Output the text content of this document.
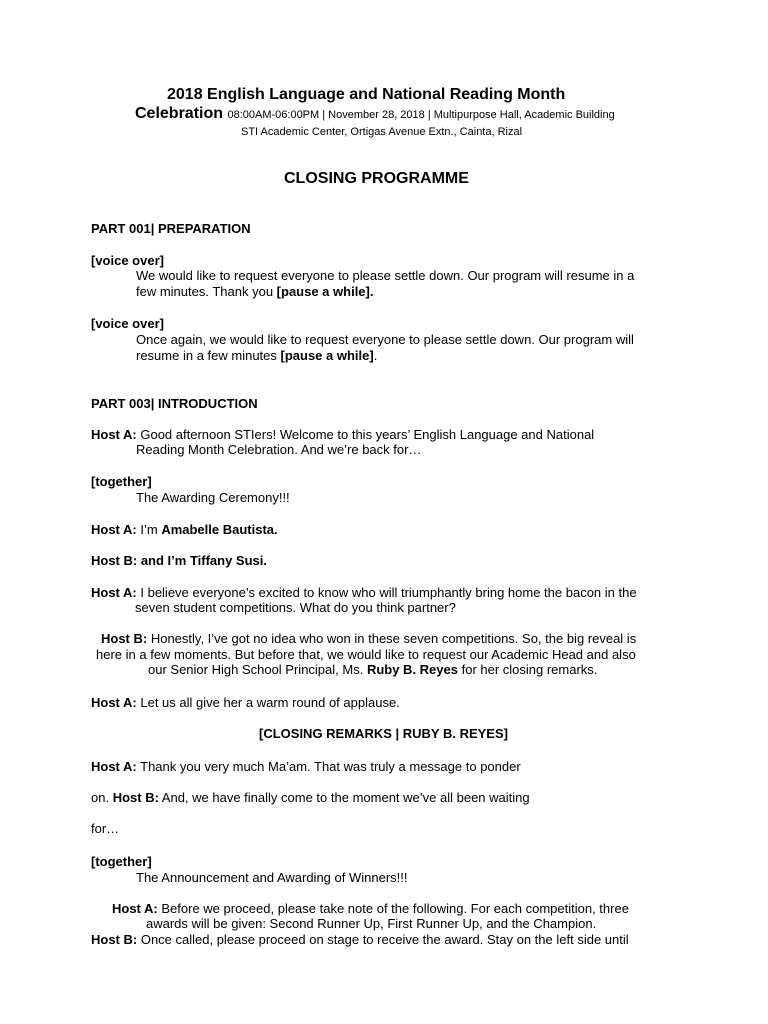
2018 English Language and National Reading Month
Celebration 08:00AM-06:00PM | November 28, 2018 | Multipurpose Hall, Academic Building
STI Academic Center, Ortigas Avenue Extn., Cainta, Rizal
CLOSING PROGRAMME
PART 001| PREPARATION
[voice over]
We would like to request everyone to please settle down. Our program will resume in a
few minutes. Thank you [pause a while].
[voice over]
Once again, we would like to request everyone to please settle down. Our program will
resume in a few minutes [pause a while].
PART 003| INTRODUCTION
Host A: Good afternoon STIers! Welcome to this years’ English Language and National
Reading Month Celebration. And we’re back for…
[together]
The Awarding Ceremony!!!
Host A: I’m Amabelle Bautista.
Host B: and I’m Tiffany Susi.
Host A: I believe everyone’s excited to know who will triumphantly bring home the bacon in the
seven student competitions. What do you think partner?
Host B: Honestly, I’ve got no idea who won in these seven competitions. So, the big reveal is
here in a few moments. But before that, we would like to request our Academic Head and also
our Senior High School Principal, Ms. Ruby B. Reyes for her closing remarks.
Host A: Let us all give her a warm round of applause.
[CLOSING REMARKS | RUBY B. REYES]
Host A: Thank you very much Ma’am. That was truly a message to ponder
on. Host B: And, we have finally come to the moment we’ve all been waiting
for…
[together]
The Announcement and Awarding of Winners!!!
Host A: Before we proceed, please take note of the following. For each competition, three
awards will be given: Second Runner Up, First Runner Up, and the Champion.
Host B: Once called, please proceed on stage to receive the award. Stay on the left side until
